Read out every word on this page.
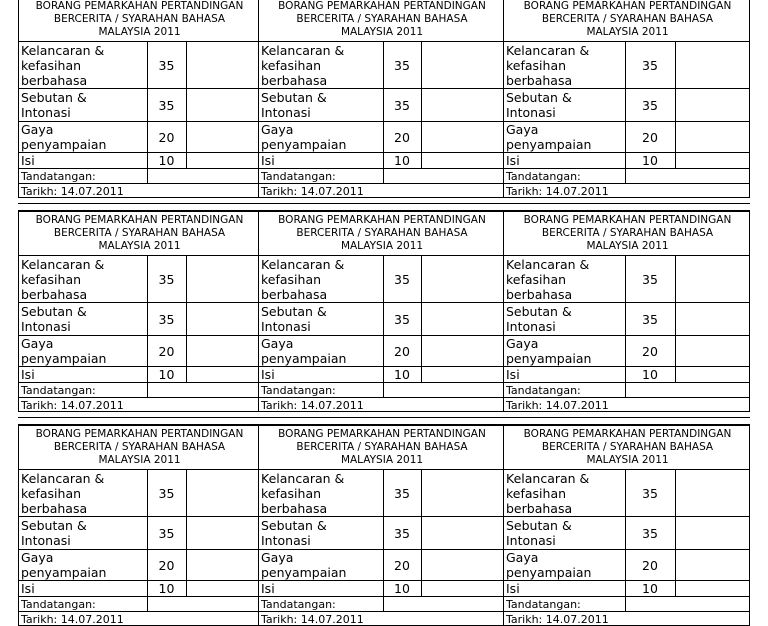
BORANG PEMARKAHAN PERTANDINGAN
BERCERITA / SYARAHAN BAHASA
MALAYSIA 2011		

Kelancaran &
kefasihan
berbahasa	35	

Sebutan &
Intonasi	35	

Gaya
penyampaian	20	

Isi	10	
Tandatangan:		
Tarikh: 14.07.2011		
BORANG PEMARKAHAN PERTANDINGAN
BERCERITA / SYARAHAN BAHASA
MALAYSIA 2011		

Kelancaran &
kefasihan
berbahasa	35	

Sebutan &
Intonasi	35	

Gaya
penyampaian	20	

Isi	10	
Tandatangan:		
Tarikh: 14.07.2011		
BORANG PEMARKAHAN PERTANDINGAN
BERCERITA / SYARAHAN BAHASA
MALAYSIA 2011		

Kelancaran &
kefasihan
berbahasa	35	

Sebutan &
Intonasi	35	

Gaya
penyampaian	20	

Isi	10	
Tandatangan:		
Tarikh: 14.07.2011		
BORANG PEMARKAHAN PERTANDINGAN
BERCERITA / SYARAHAN BAHASA
MALAYSIA 2011		

Kelancaran &
kefasihan
berbahasa	35	

Sebutan &
Intonasi	35	

Gaya
penyampaian	20	

Isi	10	
Tandatangan:		
Tarikh: 14.07.2011		
BORANG PEMARKAHAN PERTANDINGAN
BERCERITA / SYARAHAN BAHASA
MALAYSIA 2011		

Kelancaran &
kefasihan
berbahasa	35	

Sebutan &
Intonasi	35	

Gaya
penyampaian	20	

Isi	10	
Tandatangan:		
Tarikh: 14.07.2011		
BORANG PEMARKAHAN PERTANDINGAN
BERCERITA / SYARAHAN BAHASA
MALAYSIA 2011		

Kelancaran &
kefasihan
berbahasa	35	

Sebutan &
Intonasi	35	

Gaya
penyampaian	20	

Isi	10	
Tandatangan:		
Tarikh: 14.07.2011		
BORANG PEMARKAHAN PERTANDINGAN
BERCERITA / SYARAHAN BAHASA
MALAYSIA 2011		

Kelancaran &
kefasihan
berbahasa	35	

Sebutan &
Intonasi	35	

Gaya
penyampaian	20	

Isi	10	
Tandatangan:		
Tarikh: 14.07.2011		
BORANG PEMARKAHAN PERTANDINGAN
BERCERITA / SYARAHAN BAHASA
MALAYSIA 2011		

Kelancaran &
kefasihan
berbahasa	35	

Sebutan &
Intonasi	35	

Gaya
penyampaian	20	

Isi	10	
Tandatangan:		
Tarikh: 14.07.2011		
BORANG PEMARKAHAN PERTANDINGAN
BERCERITA / SYARAHAN BAHASA
MALAYSIA 2011		

Kelancaran &
kefasihan
berbahasa	35	

Sebutan &
Intonasi	35	

Gaya
penyampaian	20	

Isi	10	
Tandatangan:		
Tarikh: 14.07.2011		
